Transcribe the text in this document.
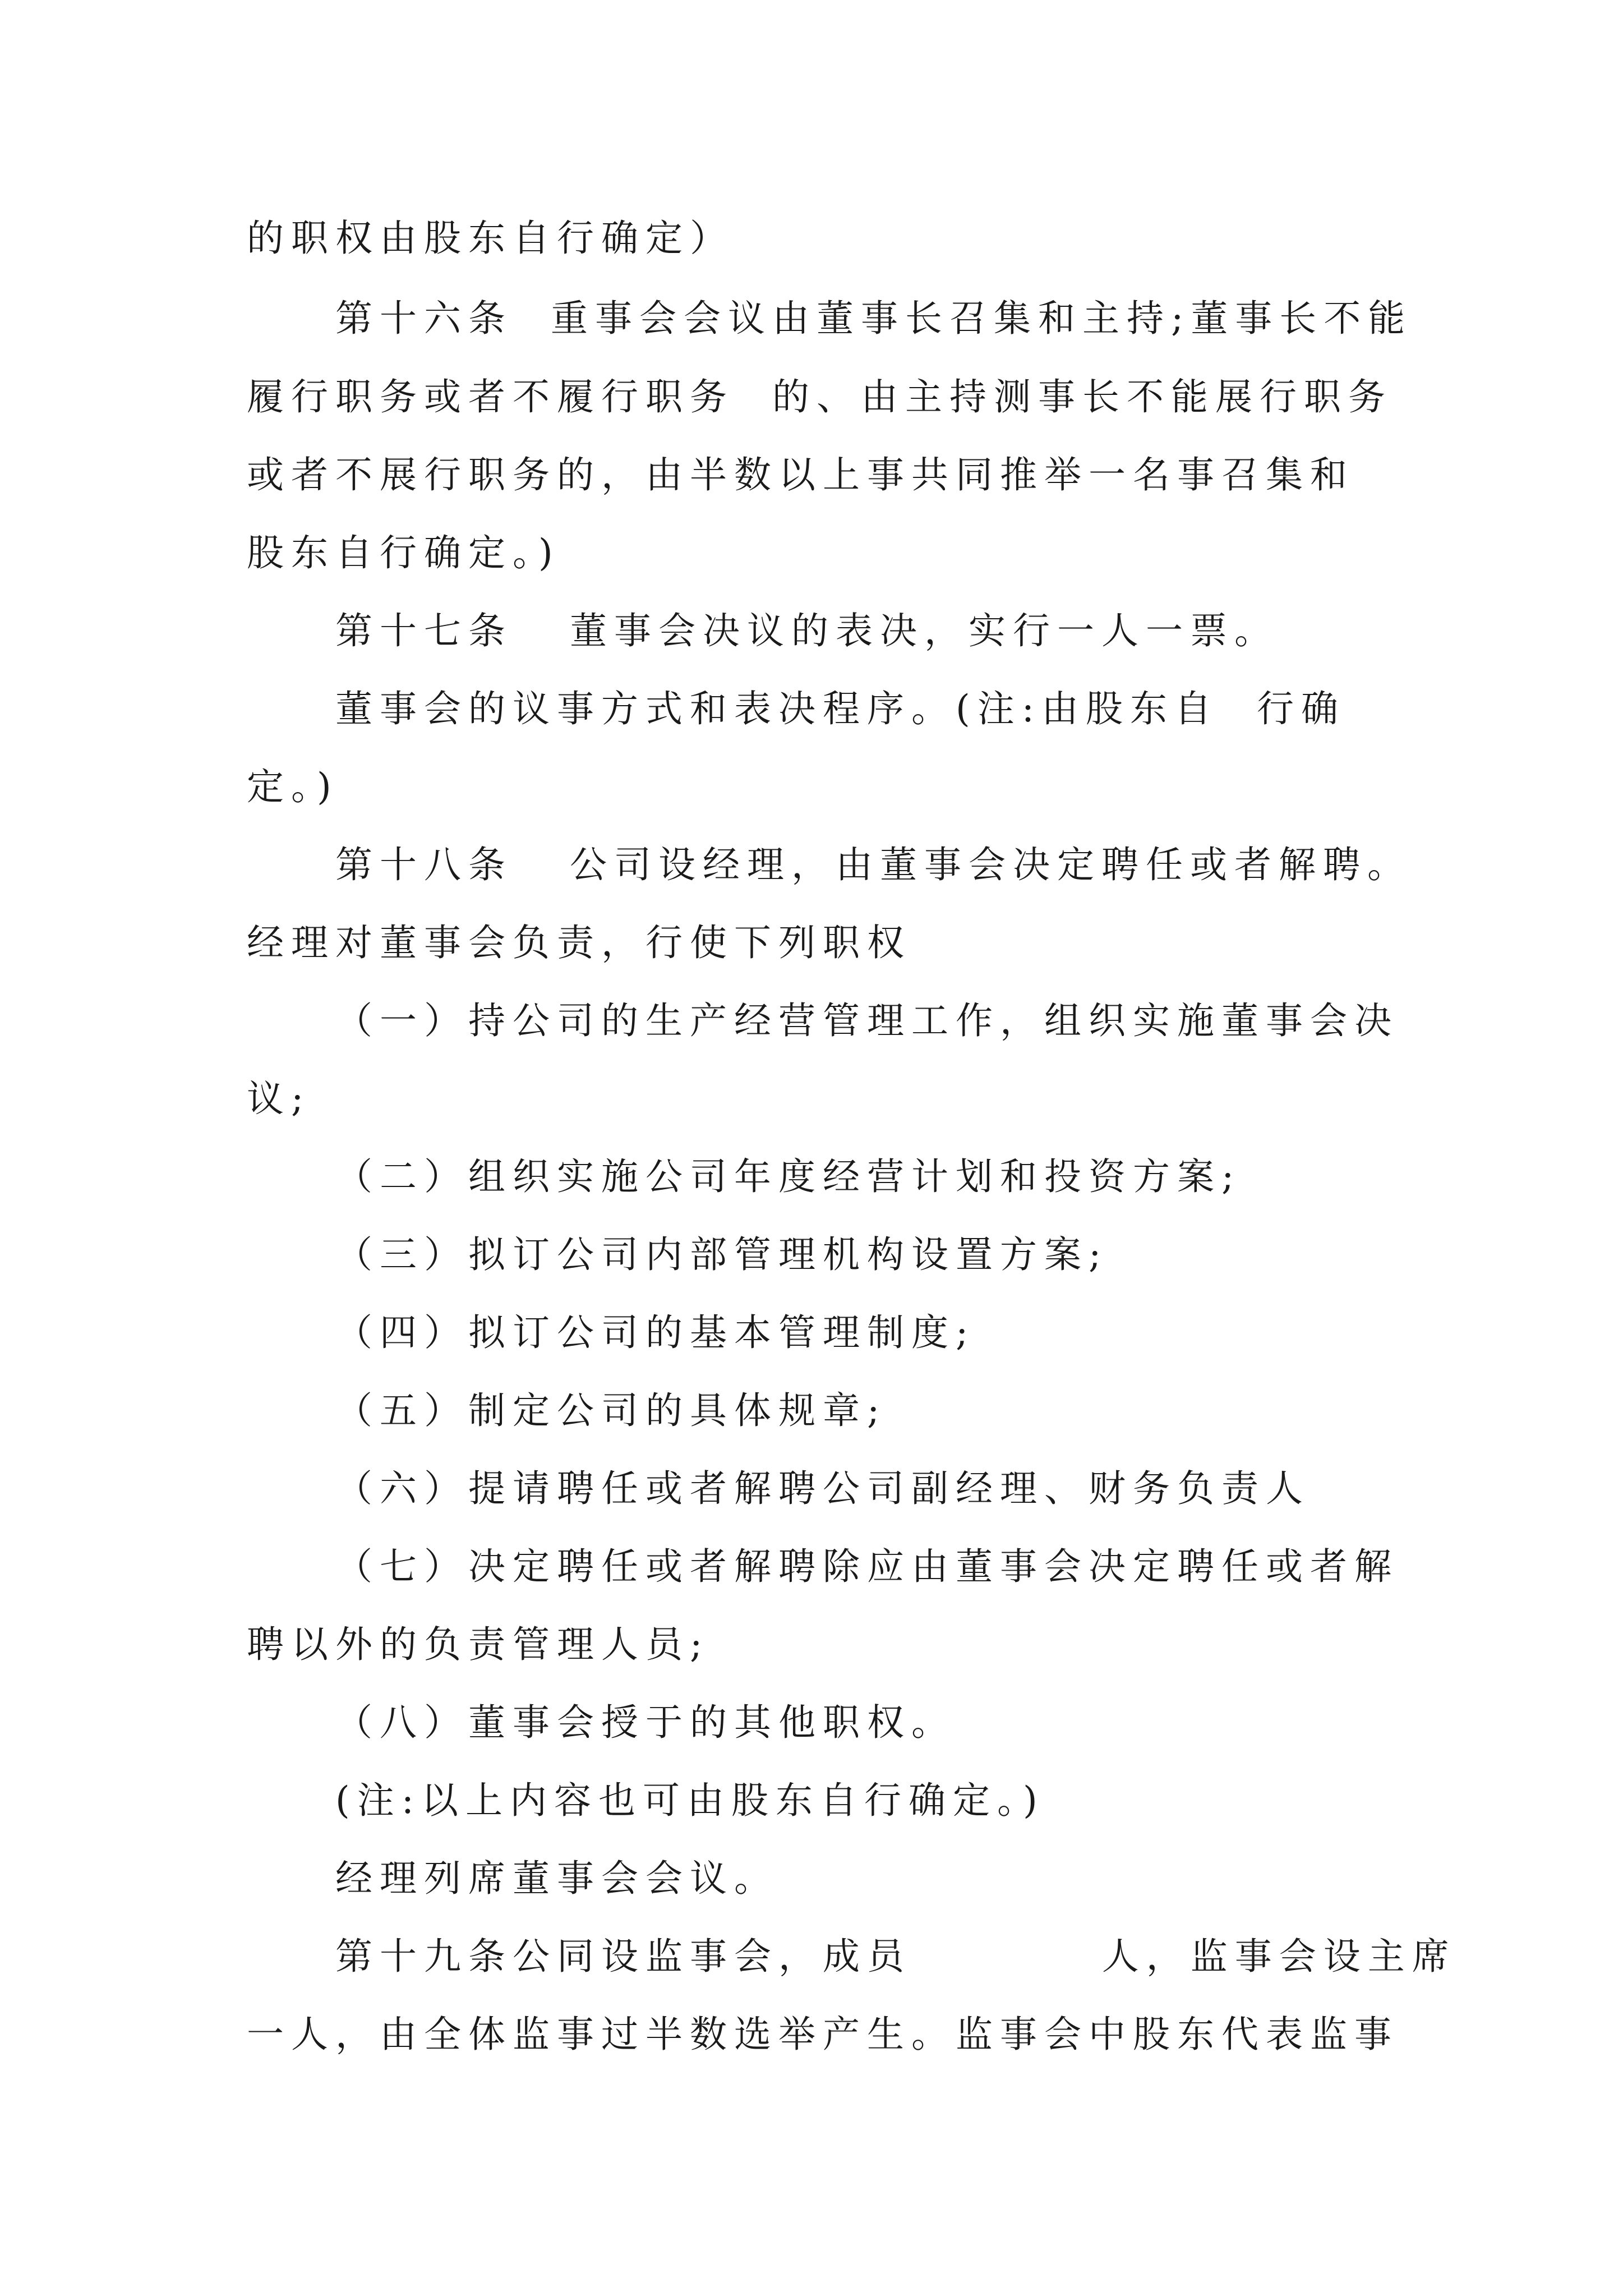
的职权由股东自行确定）
第十六条  重事会会议由董事长召集和主持;董事长不能
履行职务或者不履行职务  的、由主持测事长不能展行职务
或者不展行职务的，由半数以上事共同推举一名事召集和
股东自行确定。)
第十七条   董事会决议的表决，实行一人一票。
董事会的议事方式和表决程序。(注:由股东自  行确
定。)
第十八条   公司设经理，由董事会决定聘任或者解聘。
经理对董事会负责，行使下列职权
（一）持公司的生产经营管理工作，组织实施董事会决
议;
（二）组织实施公司年度经营计划和投资方案;
（三）拟订公司内部管理机构设置方案;
（四）拟订公司的基本管理制度;
（五）制定公司的具体规章;
（六）提请聘任或者解聘公司副经理、财务负责人
（七）决定聘任或者解聘除应由董事会决定聘任或者解
聘以外的负责管理人员;
（八）董事会授于的其他职权。
(注:以上内容也可由股东自行确定。)
经理列席董事会会议。
第十九条公同设监事会，成员          人，监事会设主席
一人，由全体监事过半数选举产生。监事会中股东代表监事
